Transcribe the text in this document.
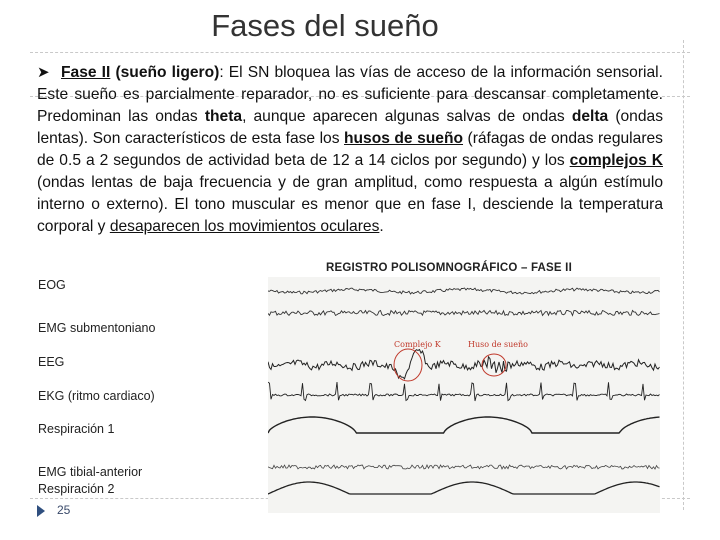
Fases del sueño
➤ Fase II (sueño ligero): El SN bloquea las vías de acceso de la información sensorial. Este sueño es parcialmente reparador, no es suficiente para descansar completamente. Predominan las ondas theta, aunque aparecen algunas salvas de ondas delta (ondas lentas). Son característicos de esta fase los husos de sueño (ráfagas de ondas regulares de 0.5 a 2 segundos de actividad beta de 12 a 14 ciclos por segundo) y los complejos K (ondas lentas de baja frecuencia y de gran amplitud, como respuesta a algún estímulo interno o externo). El tono muscular es menor que en fase I, desciende la temperatura corporal y desaparecen los movimientos oculares.
REGISTRO POLISOMNOGRÁFICO – FASE II
EOG
EMG submentoniano
EEG
EKG (ritmo cardiaco)
Respiración 1
EMG tibial-anterior
Respiración 2
Complejo K	Huso de sueño
25
